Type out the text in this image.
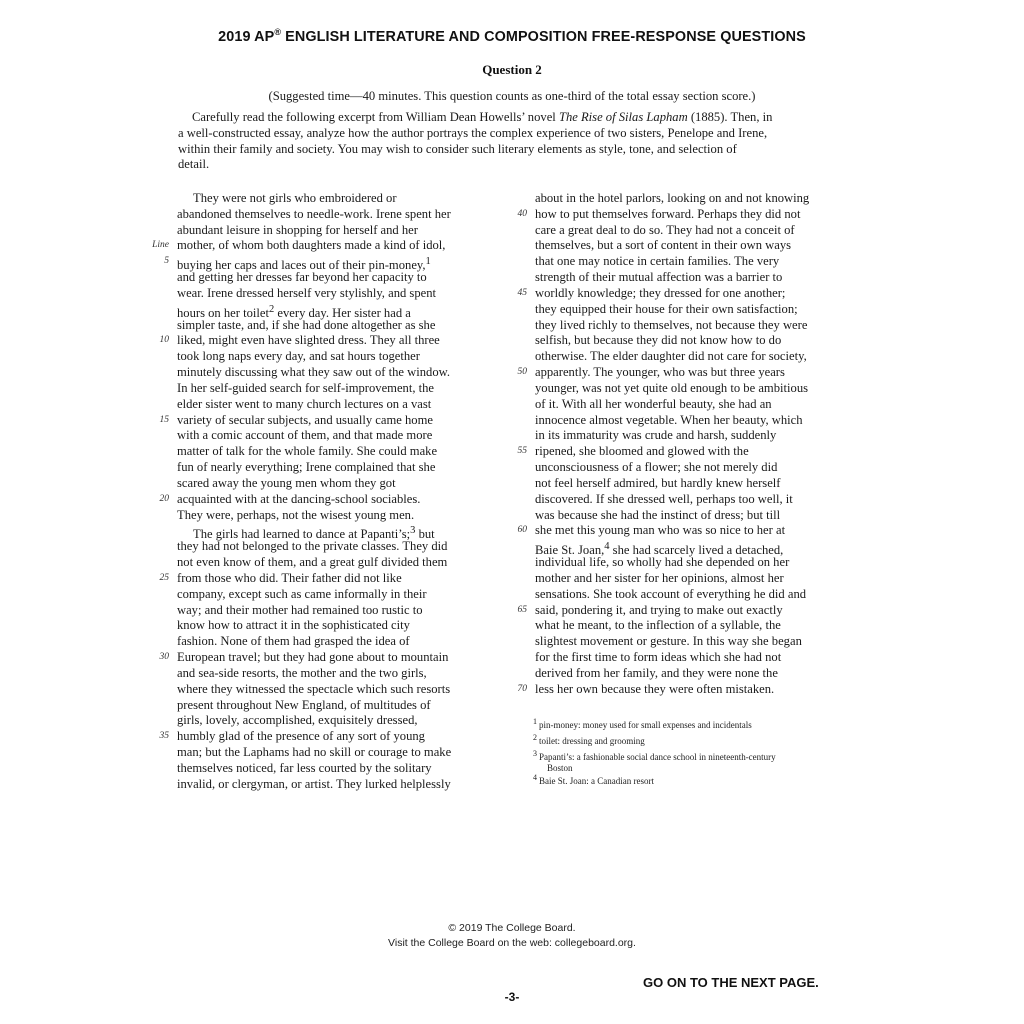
2019 AP® ENGLISH LITERATURE AND COMPOSITION FREE-RESPONSE QUESTIONS
Question 2
(Suggested time—40 minutes. This question counts as one-third of the total essay section score.)
Carefully read the following excerpt from William Dean Howells’ novel The Rise of Silas Lapham (1885). Then, in
a well-constructed essay, analyze how the author portrays the complex experience of two sisters, Penelope and Irene,
within their family and society. You may wish to consider such literary elements as style, tone, and selection of
detail.
They were not girls who embroidered or
abandoned themselves to needle-work. Irene spent her
abundant leisure in shopping for herself and her
Line mother, of whom both daughters made a kind of idol,
5 buying her caps and laces out of their pin-money,$^1$
and getting her dresses far beyond her capacity to
wear. Irene dressed herself very stylishly, and spent
hours on her toilet$^2$ every day. Her sister had a
simpler taste, and, if she had done altogether as she
10 liked, might even have slighted dress. They all three
took long naps every day, and sat hours together
minutely discussing what they saw out of the window.
In her self-guided search for self-improvement, the
elder sister went to many church lectures on a vast
15 variety of secular subjects, and usually came home
with a comic account of them, and that made more
matter of talk for the whole family. She could make
fun of nearly everything; Irene complained that she
scared away the young men whom they got
20 acquainted with at the dancing-school sociables.
They were, perhaps, not the wisest young men.
The girls had learned to dance at Papanti’s;$^3$ but
they had not belonged to the private classes. They did
not even know of them, and a great gulf divided them
25 from those who did. Their father did not like
company, except such as came informally in their
way; and their mother had remained too rustic to
know how to attract it in the sophisticated city
fashion. None of them had grasped the idea of
30 European travel; but they had gone about to mountain
and sea-side resorts, the mother and the two girls,
where they witnessed the spectacle which such resorts
present throughout New England, of multitudes of
girls, lovely, accomplished, exquisitely dressed,
35 humbly glad of the presence of any sort of young
man; but the Laphams had no skill or courage to make
themselves noticed, far less courted by the solitary
invalid, or clergyman, or artist. They lurked helplessly
about in the hotel parlors, looking on and not knowing
40 how to put themselves forward. Perhaps they did not
care a great deal to do so. They had not a conceit of
themselves, but a sort of content in their own ways
that one may notice in certain families. The very
strength of their mutual affection was a barrier to
45 worldly knowledge; they dressed for one another;
they equipped their house for their own satisfaction;
they lived richly to themselves, not because they were
selfish, but because they did not know how to do
otherwise. The elder daughter did not care for society,
50 apparently. The younger, who was but three years
younger, was not yet quite old enough to be ambitious
of it. With all her wonderful beauty, she had an
innocence almost vegetable. When her beauty, which
in its immaturity was crude and harsh, suddenly
55 ripened, she bloomed and glowed with the
unconsciousness of a flower; she not merely did
not feel herself admired, but hardly knew herself
discovered. If she dressed well, perhaps too well, it
was because she had the instinct of dress; but till
60 she met this young man who was so nice to her at
Baie St. Joan,$^4$ she had scarcely lived a detached,
individual life, so wholly had she depended on her
mother and her sister for her opinions, almost her
sensations. She took account of everything he did and
65 said, pondering it, and trying to make out exactly
what he meant, to the inflection of a syllable, the
slightest movement or gesture. In this way she began
for the first time to form ideas which she had not
derived from her family, and they were none the
70 less her own because they were often mistaken.
$^1$ pin-money: money used for small expenses and incidentals
$^2$ toilet: dressing and grooming
$^3$ Papanti’s: a fashionable social dance school in nineteenth-century
Boston
$^4$ Baie St. Joan: a Canadian resort
© 2019 The College Board.
Visit the College Board on the web: collegeboard.org.
GO ON TO THE NEXT PAGE.
-3-
